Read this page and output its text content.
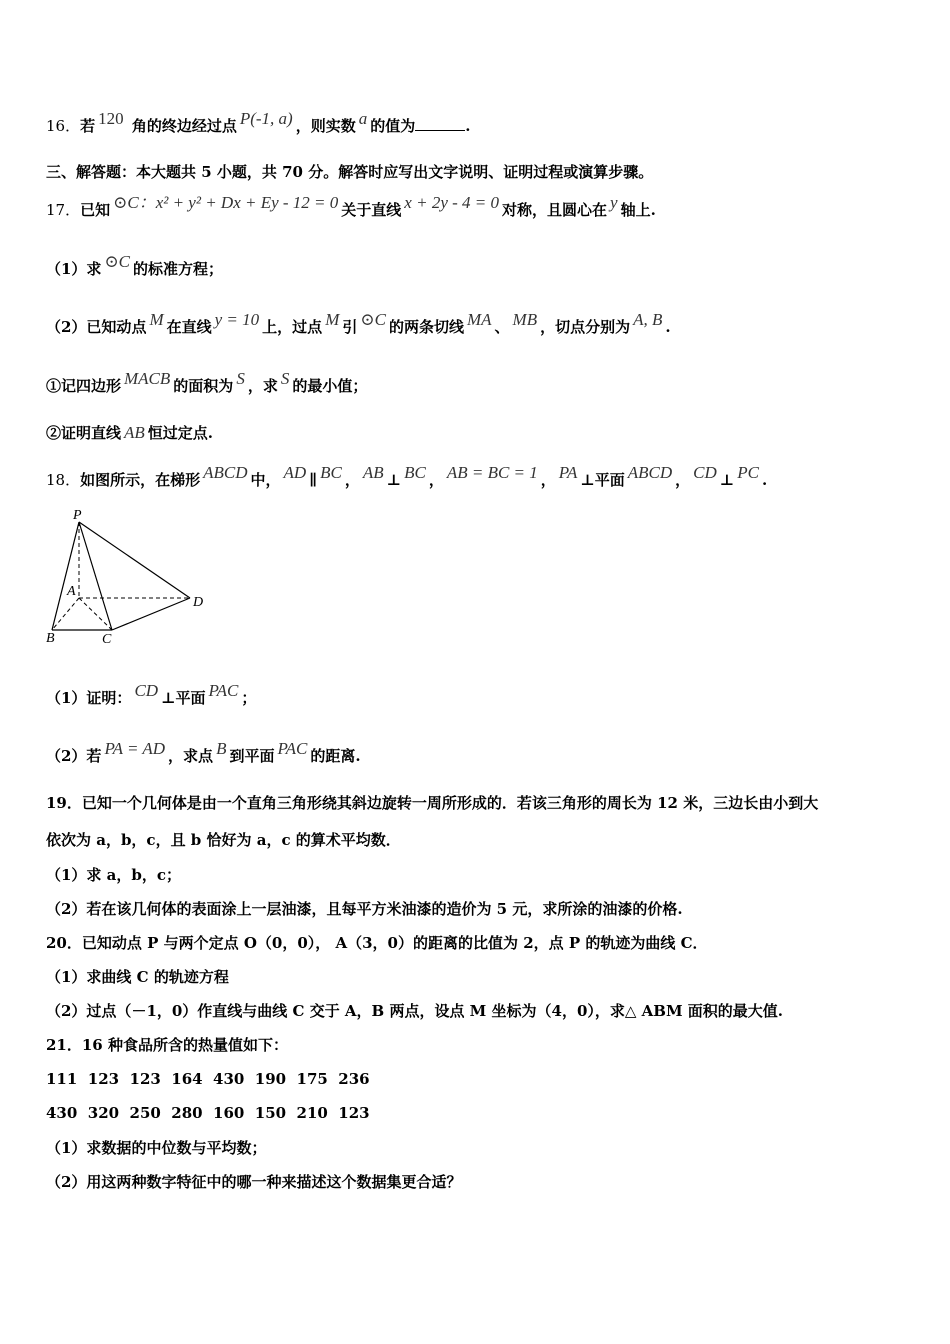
16．若 120 角的终边经过点 P(-1, a) ，则实数 a 的值为	.
三、解答题：本大题共 5 小题，共 70 分。解答时应写出文字说明、证明过程或演算步骤。
17．已知 ⊙C：x² + y² + Dx + Ey - 12 = 0 关于直线 x + 2y - 4 = 0 对称，且圆心在 y 轴上.
（1）求 ⊙C 的标准方程；
（2）已知动点 M 在直线 y = 10 上，过点 M 引 ⊙C 的两条切线 MA 、 MB ，切点分别为 A, B .
①记四边形 MACB 的面积为 S ，求 S 的最小值；
②证明直线 AB 恒过定点.
18．如图所示，在梯形 ABCD 中， AD ∥ BC ， AB ⊥ BC ， AB = BC = 1 ， PA ⊥平面 ABCD ， CD ⊥ PC .
P
A
B	C
D
（1）证明： CD ⊥平面 PAC ；
（2）若 PA = AD ，求点 B 到平面 PAC 的距离.
19．已知一个几何体是由一个直角三角形绕其斜边旋转一周所形成的．若该三角形的周长为 12 米，三边长由小到大
依次为 a，b，c，且 b 恰好为 a，c 的算术平均数．
（1）求 a，b，c；
（2）若在该几何体的表面涂上一层油漆，且每平方米油漆的造价为 5 元，求所涂的油漆的价格.
20．已知动点 P 与两个定点 O（0，0）， A（3，0）的距离的比值为 2，点 P 的轨迹为曲线 C．
（1）求曲线 C 的轨迹方程
（2）过点（－1，0）作直线与曲线 C 交于 A，B 两点，设点 M 坐标为（4，0），求△ ABM 面积的最大值.
21．16 种食品所含的热量值如下：
111  123  123  164  430  190  175  236
430  320  250  280  160  150  210  123
（1）求数据的中位数与平均数；
（2）用这两种数字特征中的哪一种来描述这个数据集更合适？
